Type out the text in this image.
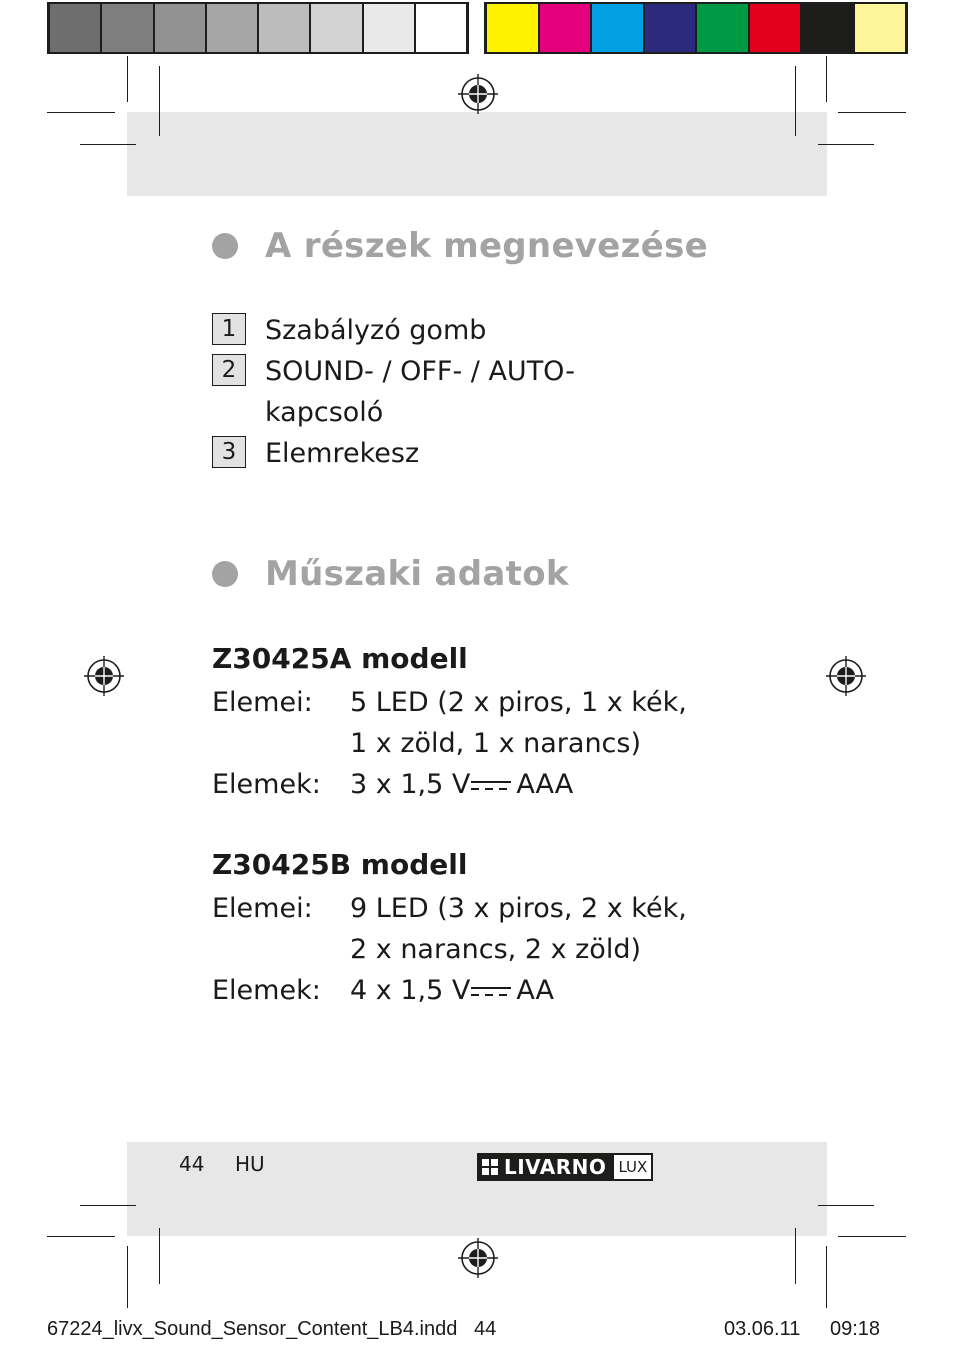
A részek megnevezése
1	Szabályzó gomb
2	SOUND- / OFF- / AUTO-
kapcsoló
3	Elemrekesz
Műszaki adatok
Z30425A modell
Elemei:	5 LED (2 x piros, 1 x kék,
1 x zöld, 1 x narancs)
Elemek:	3 x 1,5 V AAA
Z30425B modell
Elemei:	9 LED (3 x piros, 2 x kék,
2 x narancs, 2 x zöld)
Elemek:	4 x 1,5 V AA
44 HU	LIVARNO LUX
67224_livx_Sound_Sensor_Content_LB4.indd   44	03.06.11 09:18
